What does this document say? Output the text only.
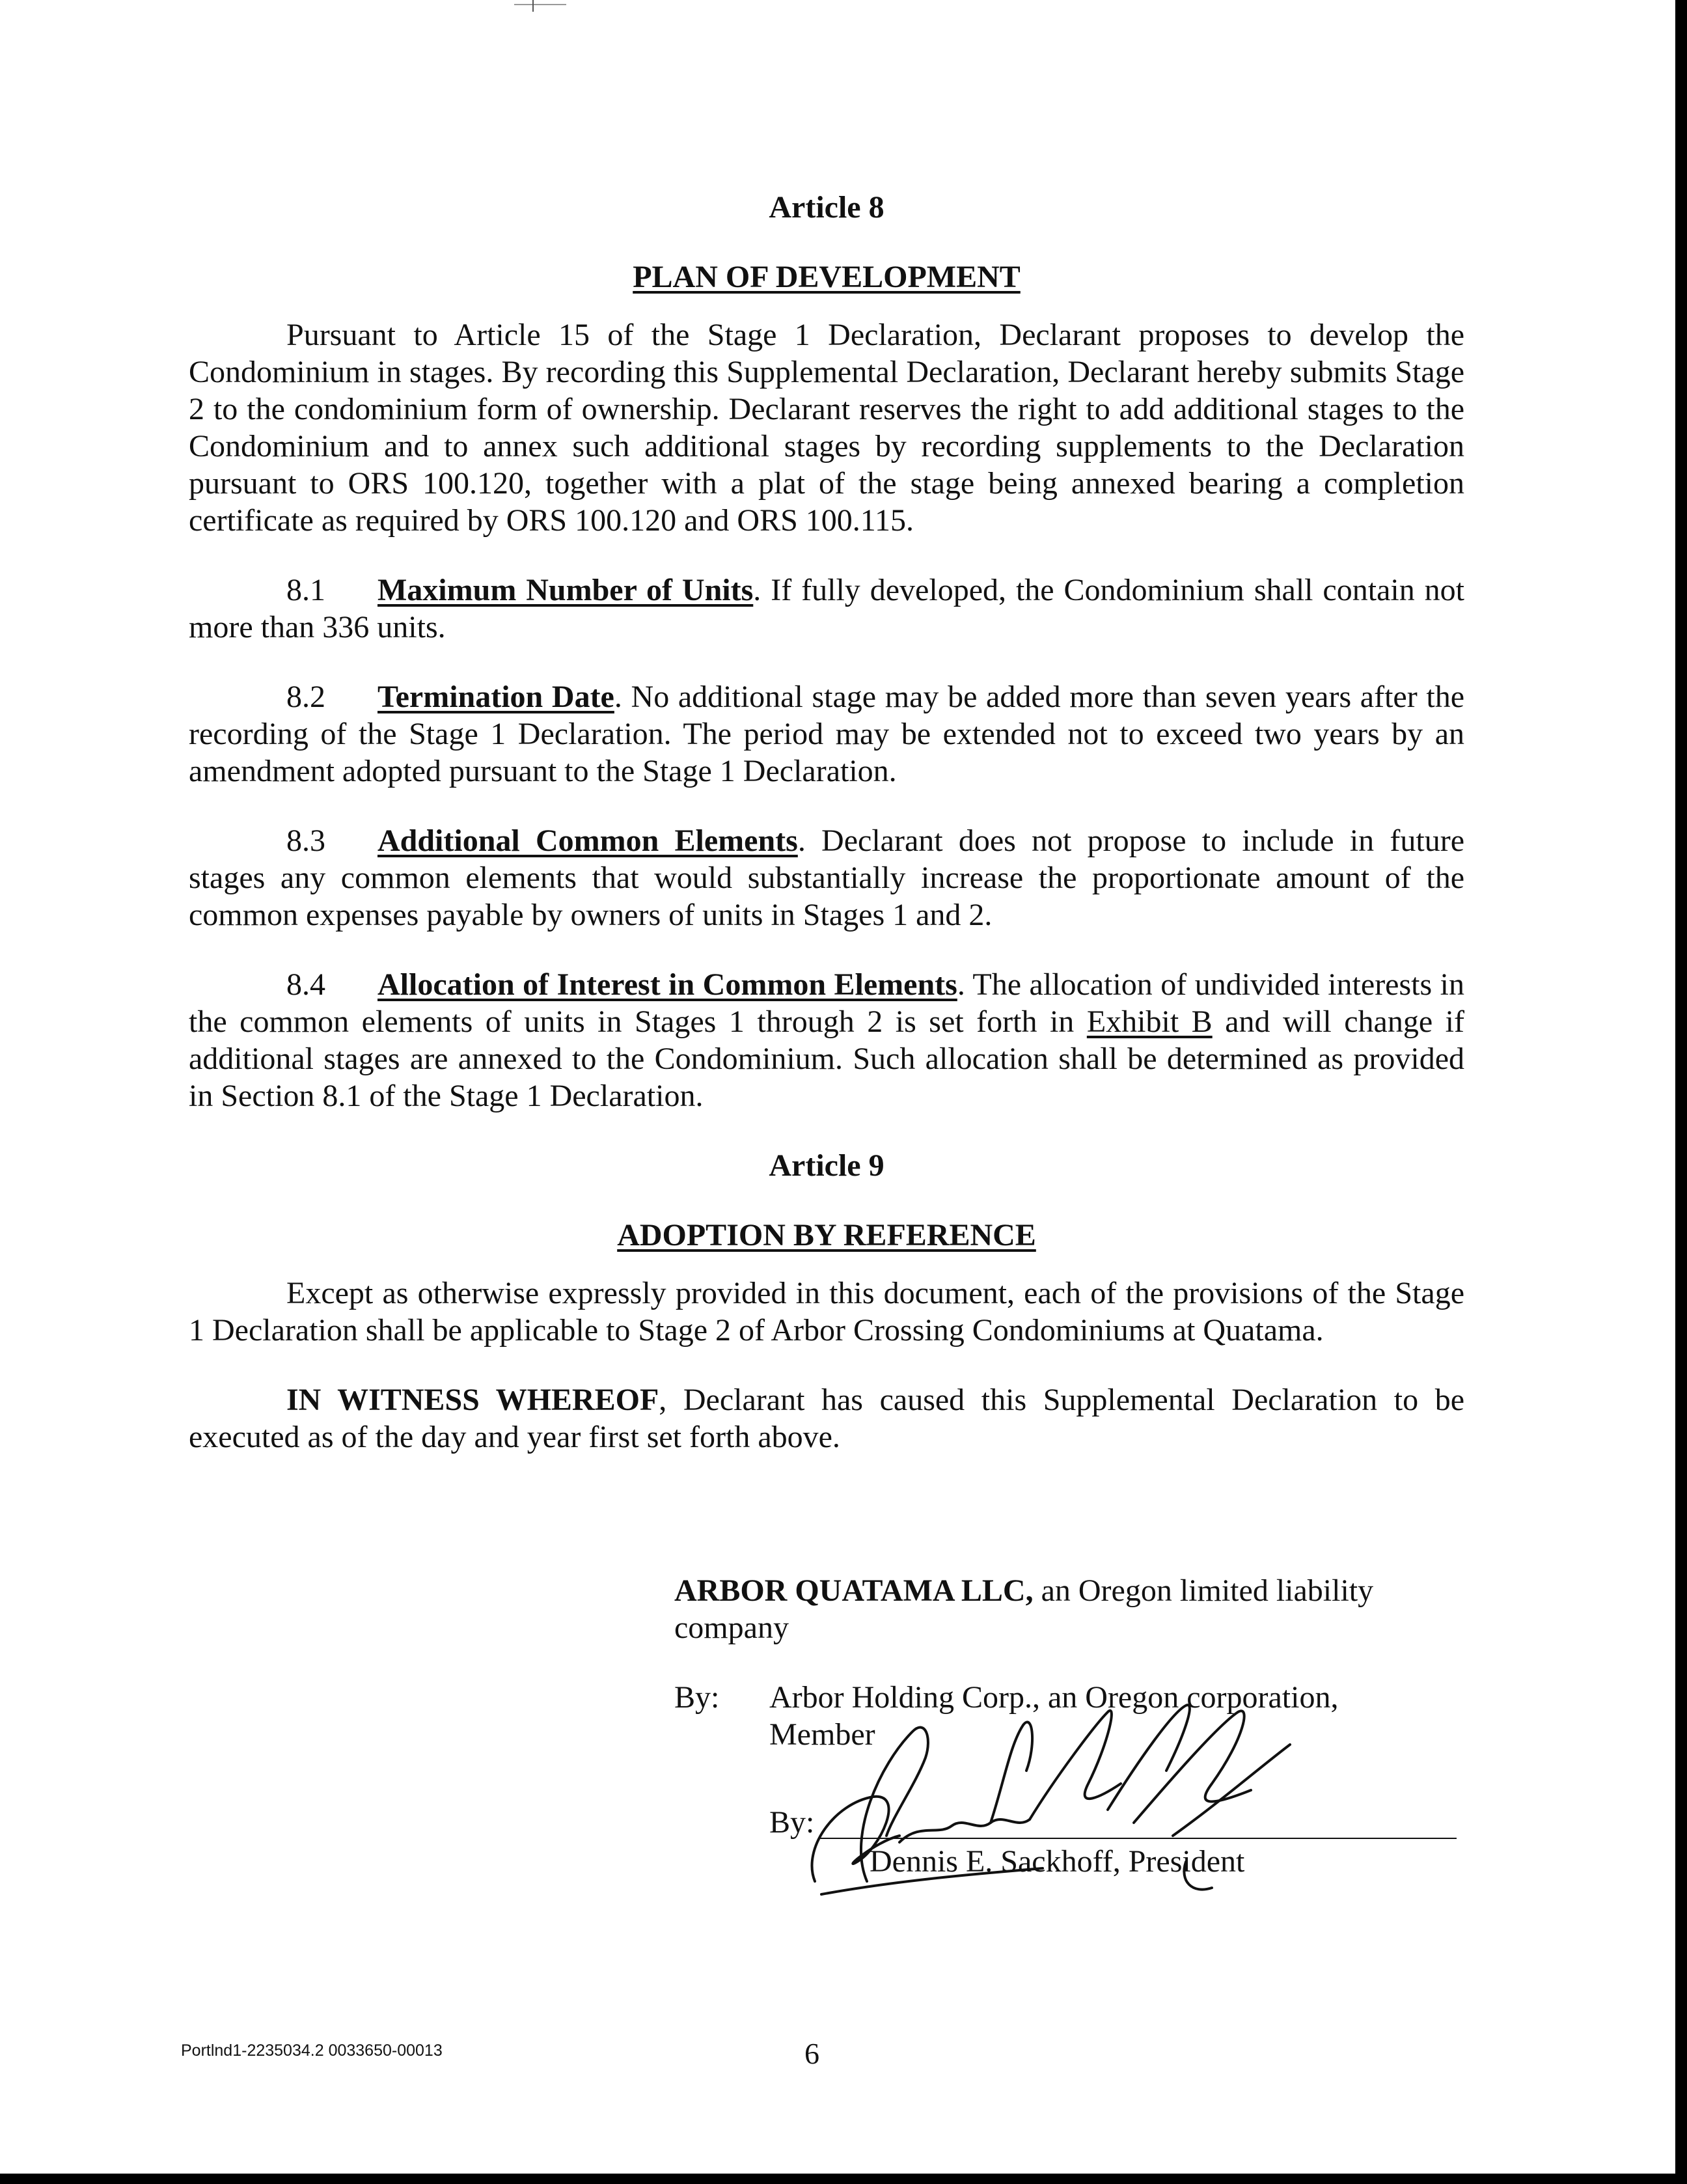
Article 8

PLAN OF DEVELOPMENT

Pursuant to Article 15 of the Stage 1 Declaration, Declarant proposes to develop the Condominium in stages. By recording this Supplemental Declaration, Declarant hereby submits Stage 2 to the condominium form of ownership. Declarant reserves the right to add additional stages to the Condominium and to annex such additional stages by recording supplements to the Declaration pursuant to ORS 100.120, together with a plat of the stage being annexed bearing a completion certificate as required by ORS 100.120 and ORS 100.115.

8.1 Maximum Number of Units. If fully developed, the Condominium shall contain not more than 336 units.

8.2 Termination Date. No additional stage may be added more than seven years after the recording of the Stage 1 Declaration. The period may be extended not to exceed two years by an amendment adopted pursuant to the Stage 1 Declaration.

8.3 Additional Common Elements. Declarant does not propose to include in future stages any common elements that would substantially increase the proportionate amount of the common expenses payable by owners of units in Stages 1 and 2.

8.4 Allocation of Interest in Common Elements. The allocation of undivided interests in the common elements of units in Stages 1 through 2 is set forth in Exhibit B and will change if additional stages are annexed to the Condominium. Such allocation shall be determined as provided in Section 8.1 of the Stage 1 Declaration.

Article 9

ADOPTION BY REFERENCE

Except as otherwise expressly provided in this document, each of the provisions of the Stage 1 Declaration shall be applicable to Stage 2 of Arbor Crossing Condominiums at Quatama.

IN WITNESS WHEREOF, Declarant has caused this Supplemental Declaration to be executed as of the day and year first set forth above.

ARBOR QUATAMA LLC, an Oregon limited liability company

By:	Arbor Holding Corp., an Oregon corporation,
Member
By:
Dennis E. Sackhoff, President
Portlnd1-2235034.2 0033650-00013	6
